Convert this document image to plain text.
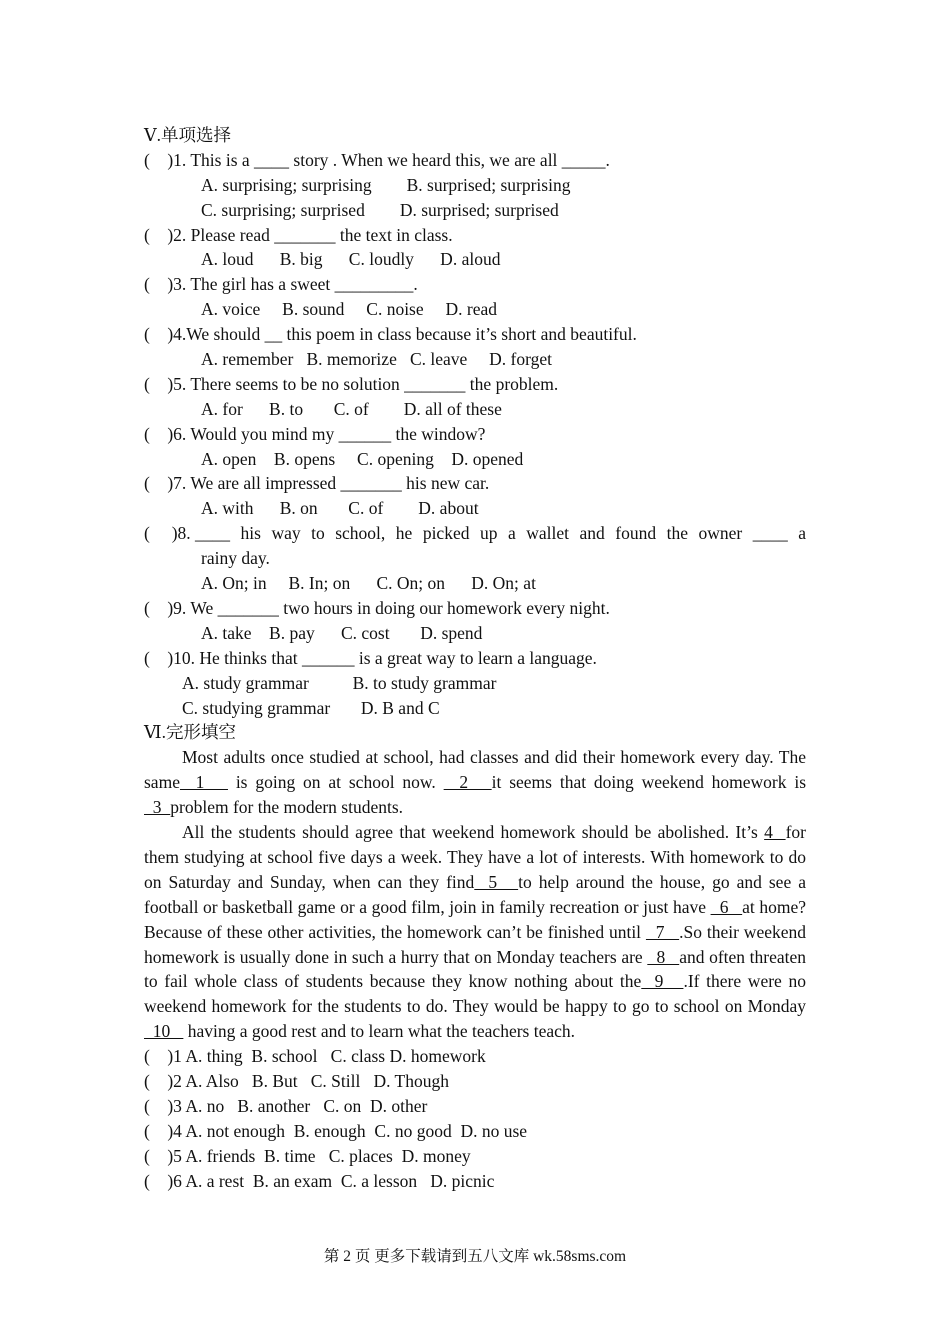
Ⅴ.单项选择
(    )1. This is a ____ story . When we heard this, we are all _____.
A. surprising; surprising        B. surprised; surprising
C. surprising; surprised        D. surprised; surprised
(    )2. Please read _______ the text in class.
A. loud      B. big      C. loudly      D. aloud
(    )3. The girl has a sweet _________.
A. voice     B. sound     C. noise     D. read
(    )4.We should __ this poem in class because it’s short and beautiful.
A. remember   B. memorize   C. leave     D. forget
(    )5. There seems to be no solution _______ the problem.
A. for      B. to       C. of        D. all of these
(    )6. Would you mind my ______ the window?
A. open    B. opens     C. opening    D. opened
(    )7. We are all impressed _______ his new car.
A. with      B. on       C. of        D. about
(     )8. ____ his way to school, he picked up a wallet and found the owner ____ a
rainy day.
A. On; in     B. In; on      C. On; on      D. On; at
(    )9. We _______ two hours in doing our homework every night.
A. take    B. pay      C. cost       D. spend
(    )10. He thinks that ______ is a great way to learn a language.
A. study grammar          B. to study grammar
C. studying grammar       D. B and C
Ⅵ.完形填空

Most adults once studied at school, had classes and did their homework every day. The same  1    is going on at school now.   2   it seems that doing weekend homework is   3  problem for the modern students.

All the students should agree that weekend homework should be abolished. It’s 4  for them studying at school five days a week. They have a lot of interests. With homework to do on Saturday and Sunday, when can they find  5   to help around the house, go and see a football or basketball game or a good film, join in family recreation or just have   6   at home? Because of these other activities, the homework can’t be finished until   7   .So their weekend homework is usually done in such a hurry that on Monday teachers are   8   and often threaten to fail whole class of students because they know nothing about the  9   .If there were no weekend homework for the students to do. They would be happy to go to school on Monday  10    having a good rest and to learn what the teachers teach.

(    )1 A. thing  B. school   C. class D. homework
(    )2 A. Also   B. But   C. Still   D. Though
(    )3 A. no   B. another   C. on  D. other
(    )4 A. not enough  B. enough  C. no good  D. no use
(    )5 A. friends  B. time   C. places  D. money
(    )6 A. a rest  B. an exam  C. a lesson   D. picnic
第 2 页 更多下载请到五八文库 wk.58sms.com
